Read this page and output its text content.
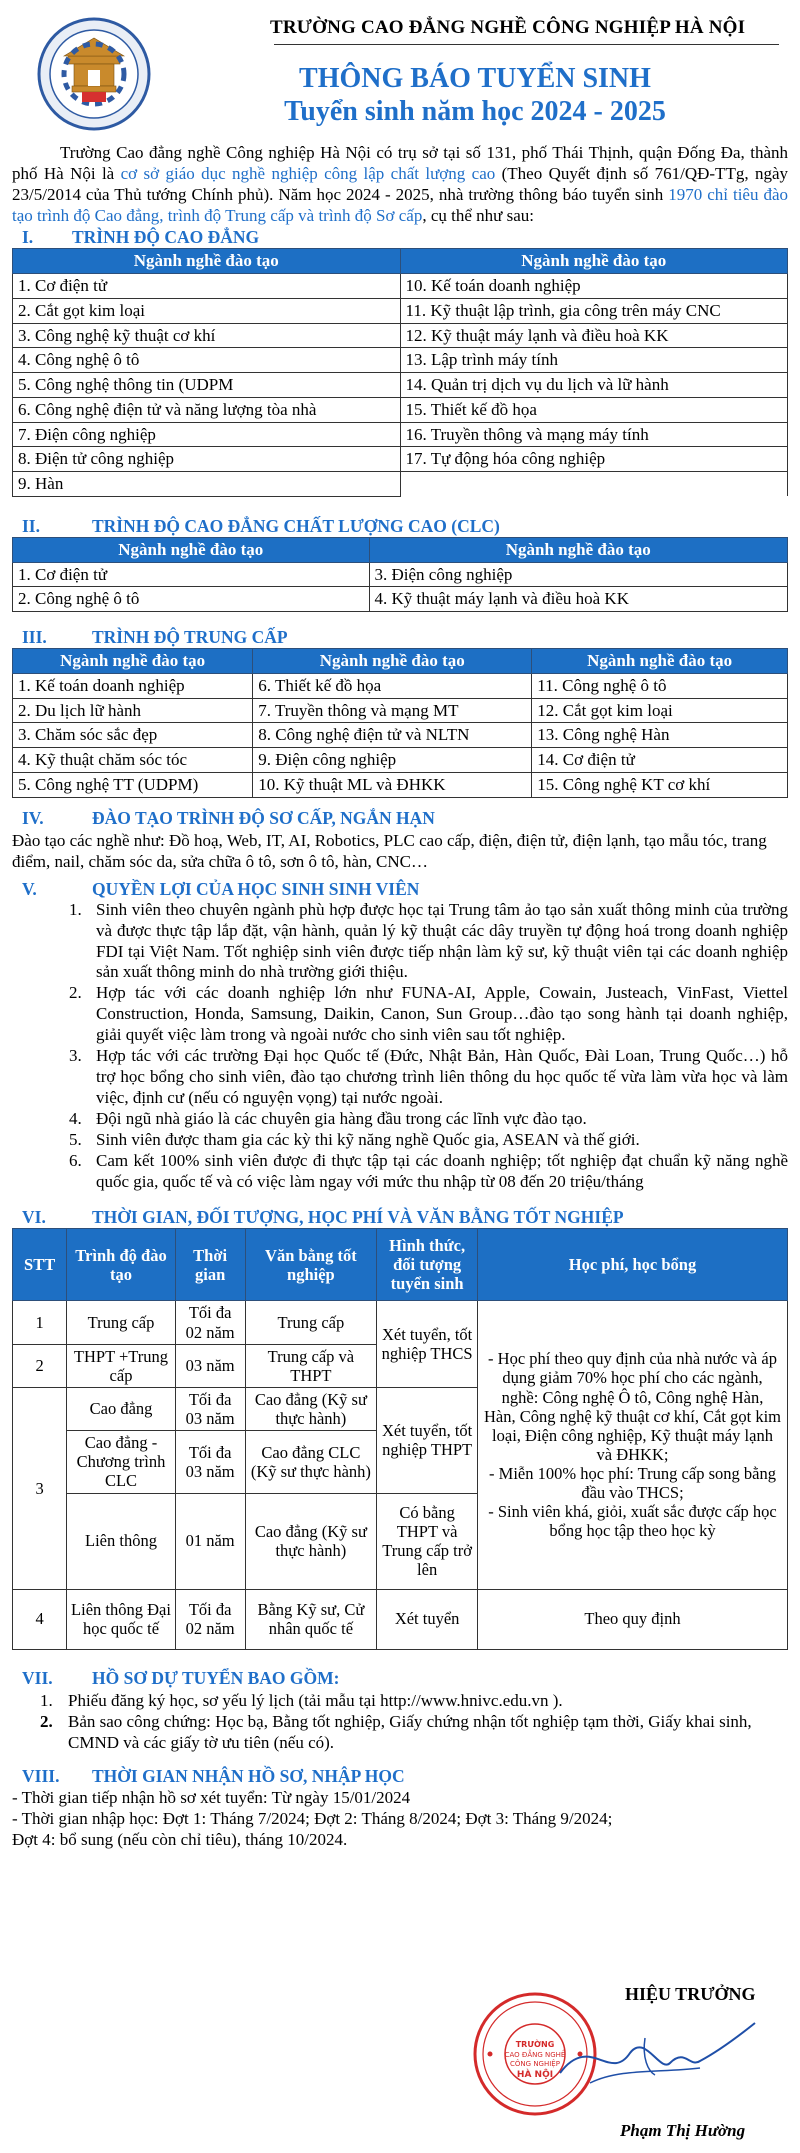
TRƯỜNG CAO ĐẲNG NGHỀ CÔNG NGHIỆP HÀ NỘI
THÔNG BÁO TUYỂN SINH
Tuyển sinh năm học 2024 - 2025

Trường Cao đẳng nghề Công nghiệp Hà Nội có trụ sở tại số 131, phố Thái Thịnh, quận Đống Đa, thành phố Hà Nội là cơ sở giáo dục nghề nghiệp công lập chất lượng cao (Theo Quyết định số 761/QĐ-TTg, ngày 23/5/2014 của Thủ tướng Chính phủ). Năm học 2024 - 2025, nhà trường thông báo tuyển sinh 1970 chỉ tiêu đào tạo trình độ Cao đẳng, trình độ Trung cấp và trình độ Sơ cấp, cụ thể như sau:

I.	TRÌNH ĐỘ CAO ĐẲNG
Ngành nghề đào tạo	Ngành nghề đào tạo
1. Cơ điện tử	10. Kế toán doanh nghiệp
2. Cắt gọt kim loại	11. Kỹ thuật lập trình, gia công trên máy CNC
3. Công nghệ kỹ thuật cơ khí	12. Kỹ thuật máy lạnh và điều hoà KK
4. Công nghệ ô tô	13. Lập trình máy tính
5. Công nghệ thông tin (UDPM	14. Quản trị dịch vụ du lịch và lữ hành
6. Công nghệ điện tử và năng lượng tòa nhà	15. Thiết kế đồ họa
7. Điện công nghiệp	16. Truyền thông và mạng máy tính
8. Điện tử công nghiệp	17. Tự động hóa công nghiệp
9. Hàn	
II.	TRÌNH ĐỘ CAO ĐẲNG CHẤT LƯỢNG CAO (CLC)
Ngành nghề đào tạo	Ngành nghề đào tạo
1. Cơ điện tử	3. Điện công nghiệp
2. Công nghệ ô tô	4. Kỹ thuật máy lạnh và điều hoà KK
III.	TRÌNH ĐỘ TRUNG CẤP
Ngành nghề đào tạo	Ngành nghề đào tạo	Ngành nghề đào tạo
1. Kế toán doanh nghiệp	6. Thiết kế đồ họa	11. Công nghệ ô tô
2. Du lịch lữ hành	7. Truyền thông và mạng MT	12. Cắt gọt kim loại
3. Chăm sóc sắc đẹp	8. Công nghệ điện tử và NLTN	13. Công nghệ Hàn
4. Kỹ thuật chăm sóc tóc	9. Điện công nghiệp	14. Cơ điện tử
5. Công nghệ TT (UDPM)	10. Kỹ thuật ML và ĐHKK	15. Công nghệ KT cơ khí
IV.	ĐÀO TẠO TRÌNH ĐỘ SƠ CẤP, NGẮN HẠN

Đào tạo các nghề như: Đồ hoạ, Web, IT, AI, Robotics, PLC cao cấp, điện, điện tử, điện lạnh, tạo mẫu tóc, trang điểm, nail, chăm sóc da, sửa chữa ô tô, sơn ô tô, hàn, CNC…

V.	QUYỀN LỢI CỦA HỌC SINH SINH VIÊN
1. Sinh viên theo chuyên ngành phù hợp được học tại Trung tâm ảo tạo sản xuất thông minh của trường và được thực tập lắp đặt, vận hành, quản lý kỹ thuật các dây truyền tự động hoá trong doanh nghiệp FDI tại Việt Nam. Tốt nghiệp sinh viên được tiếp nhận làm kỹ sư, kỹ thuật viên tại các doanh nghiệp sản xuất thông minh do nhà trường giới thiệu.
2. Hợp tác với các doanh nghiệp lớn như FUNA-AI, Apple, Cowain, Justeach, VinFast, Viettel Construction, Honda, Samsung, Daikin, Canon, Sun Group…đào tạo song hành tại doanh nghiệp, giải quyết việc làm trong và ngoài nước cho sinh viên sau tốt nghiệp.
3. Hợp tác với các trường Đại học Quốc tế (Đức, Nhật Bản, Hàn Quốc, Đài Loan, Trung Quốc…) hỗ trợ học bổng cho sinh viên, đào tạo chương trình liên thông du học quốc tế vừa làm vừa học và làm việc, định cư (nếu có nguyện vọng) tại nước ngoài.
4. Đội ngũ nhà giáo là các chuyên gia hàng đầu trong các lĩnh vực đào tạo.
5. Sinh viên được tham gia các kỳ thi kỹ năng nghề Quốc gia, ASEAN và thế giới.
6. Cam kết 100% sinh viên được đi thực tập tại các doanh nghiệp; tốt nghiệp đạt chuẩn kỹ năng nghề quốc gia, quốc tế và có việc làm ngay với mức thu nhập từ 08 đến 20 triệu/tháng
VI.	THỜI GIAN, ĐỐI TƯỢNG, HỌC PHÍ VÀ VĂN BẰNG TỐT NGHIỆP
STT	Trình độ đào tạo	Thời gian	Văn bằng tốt nghiệp	Hình thức, đối tượng tuyển sinh	Học phí, học bổng
1	Trung cấp	Tối đa 02 năm	Trung cấp	Xét tuyển, tốt nghiệp THCS	- Học phí theo quy định của nhà nước và áp dụng giảm 70% học phí cho các ngành, nghề: Công nghệ Ô tô, Công nghệ Hàn, Hàn, Công nghệ kỹ thuật cơ khí, Cắt gọt kim loại, Điện công nghiệp, Kỹ thuật máy lạnh và ĐHKK;
- Miễn 100% học phí: Trung cấp song bằng đầu vào THCS;
- Sinh viên khá, giỏi, xuất sắc được cấp học bổng học tập theo học kỳ
2	THPT +Trung cấp	03 năm	Trung cấp và THPT		
3	Cao đẳng	Tối đa 03 năm	Cao đẳng (Kỹ sư thực hành)	Xét tuyển, tốt nghiệp THPT	
	Cao đẳng - Chương trình CLC	Tối đa 03 năm	Cao đẳng CLC (Kỹ sư thực hành)		
	Liên thông	01 năm	Cao đẳng (Kỹ sư thực hành)	Có bằng THPT và Trung cấp trở lên	
4	Liên thông Đại học quốc tế	Tối đa 02 năm	Bằng Kỹ sư, Cử nhân quốc tế	Xét tuyển	Theo quy định
VII.	HỒ SƠ DỰ TUYỂN BAO GỒM:
1. Phiếu đăng ký học, sơ yếu lý lịch (tải mẫu tại http://www.hnivc.edu.vn ).
2. Bản sao công chứng: Học bạ, Bằng tốt nghiệp, Giấy chứng nhận tốt nghiệp tạm thời, Giấy khai sinh, CMND và các giấy tờ ưu tiên (nếu có).
VIII.	THỜI GIAN NHẬN HỒ SƠ, NHẬP HỌC

- Thời gian tiếp nhận hồ sơ xét tuyển: Từ ngày 15/01/2024

- Thời gian nhập học: Đợt 1: Tháng 7/2024; Đợt 2: Tháng 8/2024; Đợt 3: Tháng 9/2024;

Đợt 4: bổ sung (nếu còn chỉ tiêu), tháng 10/2024.

TRƯỜNG
CAO ĐẲNG NGHỀ
CÔNG NGHIỆP
HÀ NỘI
HIỆU TRƯỞNG
Phạm Thị Hường
